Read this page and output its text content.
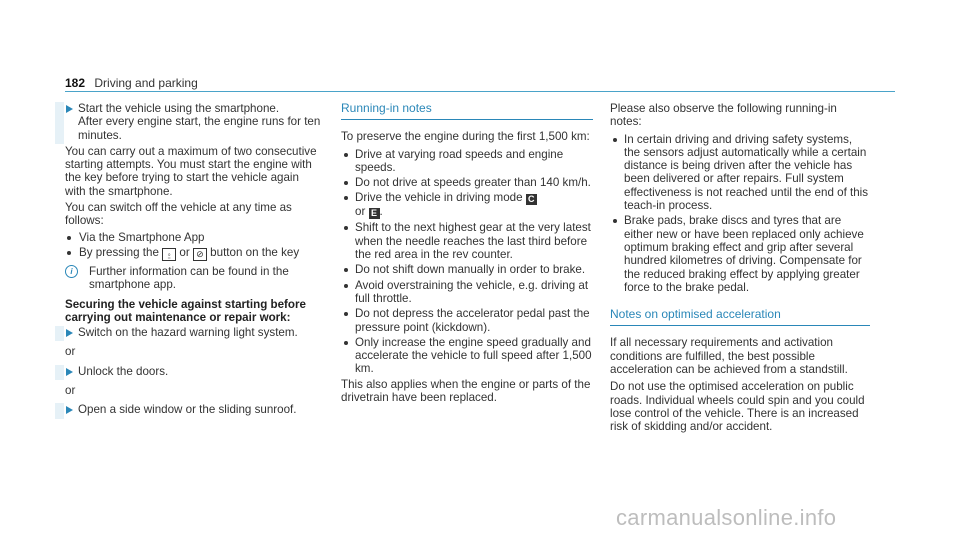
182 Driving and parking
Start the vehicle using the smartphone.
After every engine start, the engine runs for ten minutes.
You can carry out a maximum of two consecutive starting attempts. You must start the engine with the key before trying to start the vehicle again with the smartphone.
You can switch off the vehicle at any time as follows:
Via the Smartphone App
By pressing the ⍛ or ⊘ button on the key
i	Further information can be found in the smartphone app.
Securing the vehicle against starting before carrying out maintenance or repair work:
Switch on the hazard warning light system.
or
Unlock the doors.
or
Open a side window or the sliding sunroof.
Running-in notes
To preserve the engine during the first 1,500 km:
Drive at varying road speeds and engine speeds.
Do not drive at speeds greater than 140 km/h.
Drive the vehicle in driving mode C
or E .
Shift to the next highest gear at the very latest when the needle reaches the last third before the red area in the rev counter.
Do not shift down manually in order to brake.
Avoid overstraining the vehicle, e.g. driving at full throttle.
Do not depress the accelerator pedal past the pressure point (kickdown).
Only increase the engine speed gradually and accelerate the vehicle to full speed after 1,500 km.
This also applies when the engine or parts of the drivetrain have been replaced.
Please also observe the following running-in notes:
In certain driving and driving safety systems, the sensors adjust automatically while a certain distance is being driven after the vehicle has been delivered or after repairs. Full system effectiveness is not reached until the end of this teach-in process.
Brake pads, brake discs and tyres that are either new or have been replaced only achieve optimum braking effect and grip after several hundred kilometres of driving. Compensate for the reduced braking effect by applying greater force to the brake pedal.
Notes on optimised acceleration
If all necessary requirements and activation conditions are fulfilled, the best possible acceleration can be achieved from a standstill.
Do not use the optimised acceleration on public roads. Individual wheels could spin and you could lose control of the vehicle. There is an increased risk of skidding and/or accident.
carmanualsonline.info
